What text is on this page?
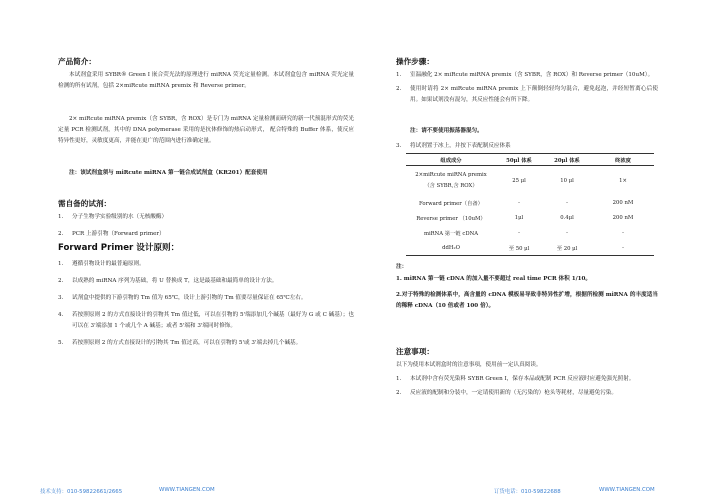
产品简介：
本试剂盒采用 SYBR® Green I 嵌合荧光法的原理进行 miRNA 荧光定量检测。本试剂盒包含 miRNA 荧光定量检测的所有试剂，包括 2×miRcute miRNA premix 和 Reverse primer。
2× miRcute miRNA premix（含 SYBR，含 ROX）是专门为 miRNA 定量检测而研究的新一代预混形式的荧光定量 PCR 检测试剂，其中的 DNA polymerase 采用的是抗体修饰的热启动形式， 配合特殊的 Buffer 体系，使反应特异性更好，灵敏度更高，并能在更广的范围内进行准确定量。
注：该试剂盒须与 miRcute miRNA 第一链合成试剂盒（KR201）配套使用
需自备的试剂：
1.	分子生物学实验级别的水（无核酸酶）
2.	PCR 上游引物（Forward primer）
Forward Primer 设计原则：
1.	遵循引物设计的最普遍原则。
2.	以成熟的 miRNA 序列为基础，将 U 替换成 T，这是最基础和最简单的设计方法。
3.	试剂盒中提供的下游引物的 Tm 值为 65℃，设计上游引物的 Tm 值要尽量保证在 65℃左右。
4.	若按照原则 2 的方式直接设计的引物其 Tm 值过低，可以在引物的 5'端添加几个碱基（最好为 G 或 C 碱基）；也可以在 3'端添加 1 个或几个 A 碱基；或者 5'端和 3'端同时修饰。
5.	若按照原则 2 的方式直接设计的引物其 Tm 值过高，可以在引物的 5'或 3'端去掉几个碱基。
操作步骤：
1.	室温融化 2× miRcute miRNA premix（含 SYBR，含 ROX）和 Reverse primer（10uM）。
2.	使用时请将 2× miRcute miRNA premix 上下颠倒轻轻均匀混合，避免起泡，并经短暂离心后使用。如果试剂没有混匀，其反应性能会有所下降。
注：请不要使用振荡器混匀。
3.	将试剂置于冰上，并按下表配制反应体系
组成成分	50μl 体系	20μl 体系	终浓度

2×miRcute miRNA premix
（含 SYBR,含 ROX）	25 μl	10 μl	1×
Forward primer（自备）	-	-	200 nM
Reverse primer （10uM）	1μl	0.4μl	200 nM
miRNA 第一链 cDNA	-	-	-
ddH₂O	至 50 μl	至 20 μl	-
注：
1. miRNA 第一链 cDNA 的加入量不要超过 real time PCR 体积 1/10。
2.对于特殊的检测体系中，高含量的 cDNA 模板易导致非特异性扩增，根据所检测 miRNA 的丰度适当的稀释 cDNA（10 倍或者 100 倍）。
注意事项：
以下为使用本试剂盒时的注意事项，使用前一定认真阅读。
1.	本试剂中含有荧光染料 SYBR Green I，保存本品或配制 PCR 反应液时应避免强光照射。
2.	反应液的配制和分装中，一定请使用新的（无污染的）枪头等耗材，尽量避免污染。
技术支持：010-59822661/2665	WWW.TIANGEN.COM	订货电话：010-59822688	WWW.TIANGEN.COM
